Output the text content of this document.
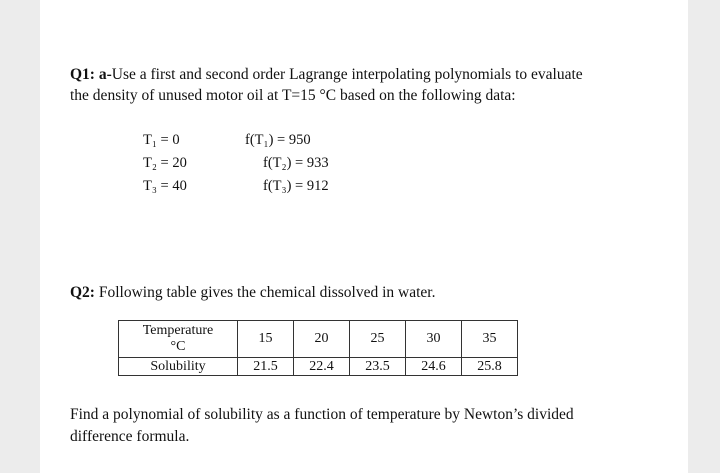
Q1: a-Use a first and second order Lagrange interpolating polynomials to evaluate the density of unused motor oil at T=15 °C based on the following data:
T₁ = 0	f(T₁) = 950
T₂ = 20	f(T₂) = 933
T₃ = 40	f(T₃) = 912
Q2: Following table gives the chemical dissolved in water.
Temperature
°C	15	20	25	30	35
Solubility	21.5	22.4	23.5	24.6	25.8
Find a polynomial of solubility as a function of temperature by Newton’s divided difference formula.
